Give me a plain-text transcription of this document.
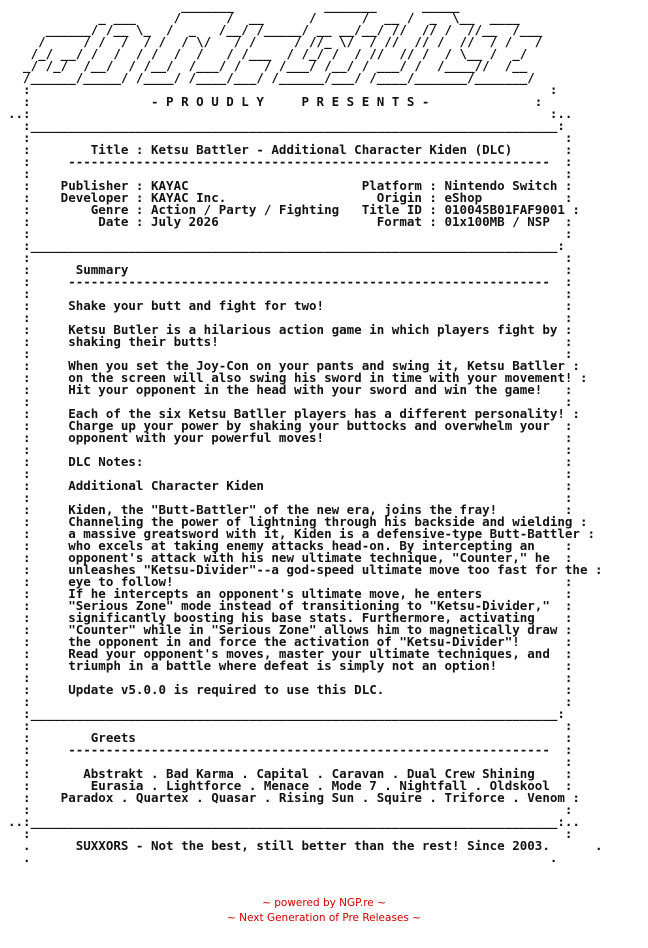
_______            _______      _____
_ ___     /      /  __      /      /  __ /  _  \__  ____
______/ /__ \_  /  _   /__/ /_____/ __ __/__/ //  // /  //__  /___
/     / /  /  / /  / \/   / /     / //_ \/  / //  // /  //  / /   /
/_/ __/ /  /  / /  /  /   / /___  / /_/ /  / //  // /  / \__ /  _/
_/ /_/  /__/  / /__/  /___/ /   / /___/ /__/ / ___/ /  /____//  /__
/______/_____/ /____/ /____/___/ /______/___/ /____/_______/_______/
:                                                                     :
:                - P R O U D L Y     P R E S E N T S -              :
..:                                                                     :..
:______________________________________________________________________:
:                                                                       :
:        Title : Ketsu Battler - Additional Character Kiden (DLC)       :
:     ----------------------------------------------------------------  :
:                                                                       :
:    Publisher : KAYAC                       Platform : Nintendo Switch :
:    Developer : KAYAC Inc.                    Origin : eShop           :
:        Genre : Action / Party / Fighting   Title ID : 010045B01FAF9001 :
:         Date : July 2026                     Format : 01x100MB / NSP  :
:                                                                       :
:______________________________________________________________________:
:                                                                       :
:      Summary                                                          :
:     ----------------------------------------------------------------  :
:                                                                       :
:     Shake your butt and fight for two!                                :
:                                                                       :
:     Ketsu Butler is a hilarious action game in which players fight by :
:     shaking their butts!                                              :
:                                                                       :
:     When you set the Joy-Con on your pants and swing it, Ketsu Batller :
:     on the screen will also swing his sword in time with your movement! :
:     Hit your opponent in the head with your sword and win the game!   :
:                                                                       :
:     Each of the six Ketsu Batller players has a different personality! :
:     Charge up your power by shaking your buttocks and overwhelm your  :
:     opponent with your powerful moves!                                :
:                                                                       :
:     DLC Notes:                                                        :
:                                                                       :
:     Additional Character Kiden                                        :
:                                                                       :
:     Kiden, the "Butt-Battler" of the new era, joins the fray!         :
:     Channeling the power of lightning through his backside and wielding :
:     a massive greatsword with it, Kiden is a defensive-type Butt-Battler :
:     who excels at taking enemy attacks head-on. By intercepting an    :
:     opponent's attack with his new ultimate technique, "Counter," he  :
:     unleashes "Ketsu-Divider"--a god-speed ultimate move too fast for the :
:     eye to follow!                                                    :
:     If he intercepts an opponent's ultimate move, he enters           :
:     "Serious Zone" mode instead of transitioning to "Ketsu-Divider,"  :
:     significantly boosting his base stats. Furthermore, activating    :
:     "Counter" while in "Serious Zone" allows him to magnetically draw :
:     the opponent in and force the activation of "Ketsu-Divider"!      :
:     Read your opponent's moves, master your ultimate techniques, and  :
:     triumph in a battle where defeat is simply not an option!         :
:                                                                       :
:     Update v5.0.0 is required to use this DLC.                        :
:                                                                       :
:______________________________________________________________________:
:                                                                       :
:        Greets                                                         :
:     ----------------------------------------------------------------  :
:                                                                       :
:       Abstrakt . Bad Karma . Capital . Caravan . Dual Crew Shining    :
:        Eurasia . Lightforce . Menace . Mode 7 . Nightfall . Oldskool  :
:    Paradox . Quartex . Quasar . Rising Sun . Squire . Triforce . Venom :
:                                                                       :
..:______________________________________________________________________:..
:                                                                       :
.      SUXXORS - Not the best, still better than the rest! Since 2003.      .
.                                                                     .
~ powered by NGP.re ~
~ Next Generation of Pre Releases ~
